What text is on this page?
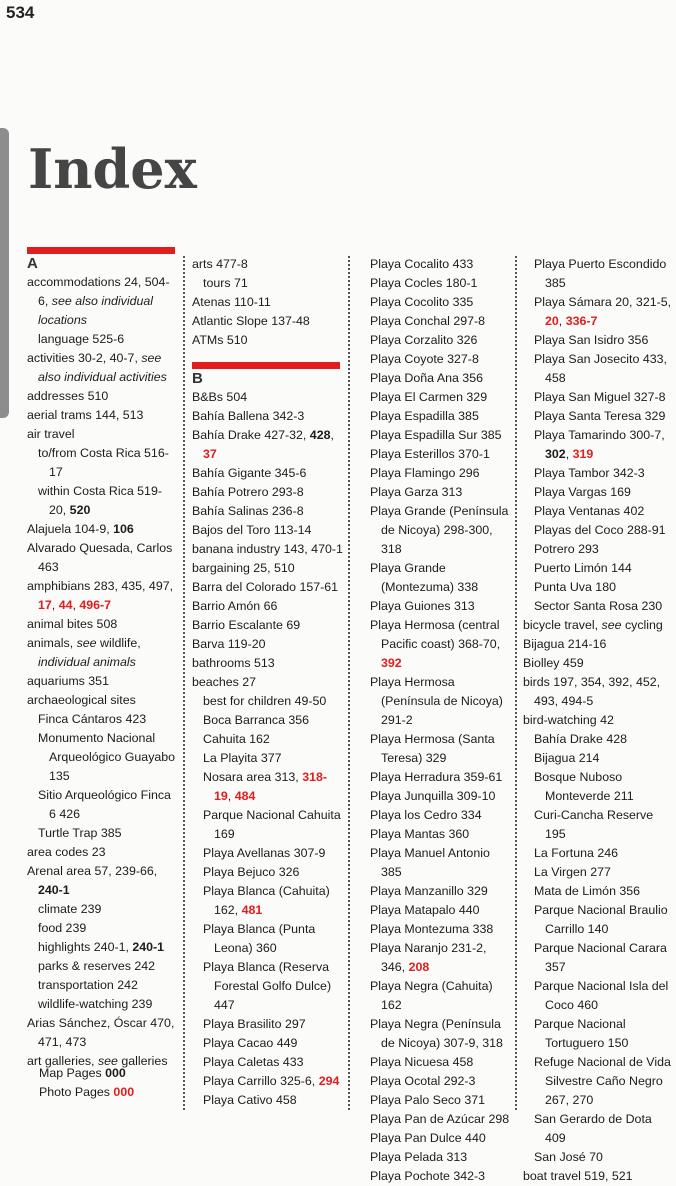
534
Index
A
accommodations 24, 504-6, see also individual locations
language 525-6
activities 30-2, 40-7, see also individual activities
addresses 510
aerial trams 144, 513
air travel
to/from Costa Rica 516-17
within Costa Rica 519-20, 520
Alajuela 104-9, 106
Alvarado Quesada, Carlos 463
amphibians 283, 435, 497, 17, 44, 496-7
animal bites 508
animals, see wildlife, individual animals
aquariums 351
archaeological sites
Finca Cántaros 423
Monumento Nacional Arqueológico Guayabo 135
Sitio Arqueológico Finca 6 426
Turtle Trap 385
area codes 23
Arenal area 57, 239-66, 240-1
climate 239
food 239
highlights 240-1, 240-1
parks & reserves 242
transportation 242
wildlife-watching 239
Arias Sánchez, Óscar 470, 471, 473
art galleries, see galleries
arts 477-8
tours 71
Atenas 110-11
Atlantic Slope 137-48
ATMs 510
B
B&Bs 504
Bahía Ballena 342-3
Bahía Drake 427-32, 428, 37
Bahía Gigante 345-6
Bahía Potrero 293-8
Bahía Salinas 236-8
Bajos del Toro 113-14
banana industry 143, 470-1
bargaining 25, 510
Barra del Colorado 157-61
Barrio Amón 66
Barrio Escalante 69
Barva 119-20
bathrooms 513
beaches 27
best for children 49-50
Boca Barranca 356
Cahuita 162
La Playita 377
Nosara area 313, 318-19, 484
Parque Nacional Cahuita 169
Playa Avellanas 307-9
Playa Bejuco 326
Playa Blanca (Cahuita) 162, 481
Playa Blanca (Punta Leona) 360
Playa Blanca (Reserva Forestal Golfo Dulce) 447
Playa Brasilito 297
Playa Cacao 449
Playa Caletas 433
Playa Carrillo 325-6, 294
Playa Cativo 458
Playa Cocalito 433
Playa Cocles 180-1
Playa Cocolito 335
Playa Conchal 297-8
Playa Corzalito 326
Playa Coyote 327-8
Playa Doña Ana 356
Playa El Carmen 329
Playa Espadilla 385
Playa Espadilla Sur 385
Playa Esterillos 370-1
Playa Flamingo 296
Playa Garza 313
Playa Grande (Península de Nicoya) 298-300, 318
Playa Grande (Montezuma) 338
Playa Guiones 313
Playa Hermosa (central Pacific coast) 368-70, 392
Playa Hermosa (Península de Nicoya) 291-2
Playa Hermosa (Santa Teresa) 329
Playa Herradura 359-61
Playa Junquilla 309-10
Playa los Cedro 334
Playa Mantas 360
Playa Manuel Antonio 385
Playa Manzanillo 329
Playa Matapalo 440
Playa Montezuma 338
Playa Naranjo 231-2, 346, 208
Playa Negra (Cahuita) 162
Playa Negra (Península de Nicoya) 307-9, 318
Playa Nicuesa 458
Playa Ocotal 292-3
Playa Palo Seco 371
Playa Pan de Azúcar 298
Playa Pan Dulce 440
Playa Pelada 313
Playa Pochote 342-3
Playa Puerto Escondido 385
Playa Sámara 20, 321-5, 20, 336-7
Playa San Isidro 356
Playa San Josecito 433, 458
Playa San Miguel 327-8
Playa Santa Teresa 329
Playa Tamarindo 300-7, 302, 319
Playa Tambor 342-3
Playa Vargas 169
Playa Ventanas 402
Playas del Coco 288-91
Potrero 293
Puerto Limón 144
Punta Uva 180
Sector Santa Rosa 230
bicycle travel, see cycling
Bijagua 214-16
Biolley 459
birds 197, 354, 392, 452, 493, 494-5
bird-watching 42
Bahía Drake 428
Bijagua 214
Bosque Nuboso Monteverde 211
Curi-Cancha Reserve 195
La Fortuna 246
La Virgen 277
Mata de Limón 356
Parque Nacional Braulio Carrillo 140
Parque Nacional Carara 357
Parque Nacional Isla del Coco 460
Parque Nacional Tortuguero 150
Refuge Nacional de Vida Silvestre Caño Negro 267, 270
San Gerardo de Dota 409
San José 70
boat travel 519, 521
Map Pages 000
Photo Pages 000
